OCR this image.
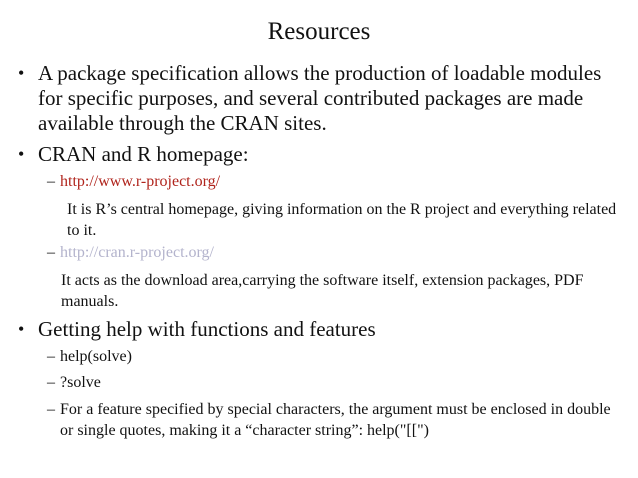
Resources
• A package specification allows the production of loadable modules for specific purposes, and several contributed packages are made available through the CRAN sites.
• CRAN and R homepage:
– http://www.r-project.org/
It is R’s central homepage, giving information on the R project and everything related to it.
– http://cran.r-project.org/
It acts as the download area,carrying the software itself, extension packages, PDF manuals.
• Getting help with functions and features
– help(solve)
– ?solve
– For a feature specified by special characters, the argument must be enclosed in double or single quotes, making it a “character string”: help("[[")
